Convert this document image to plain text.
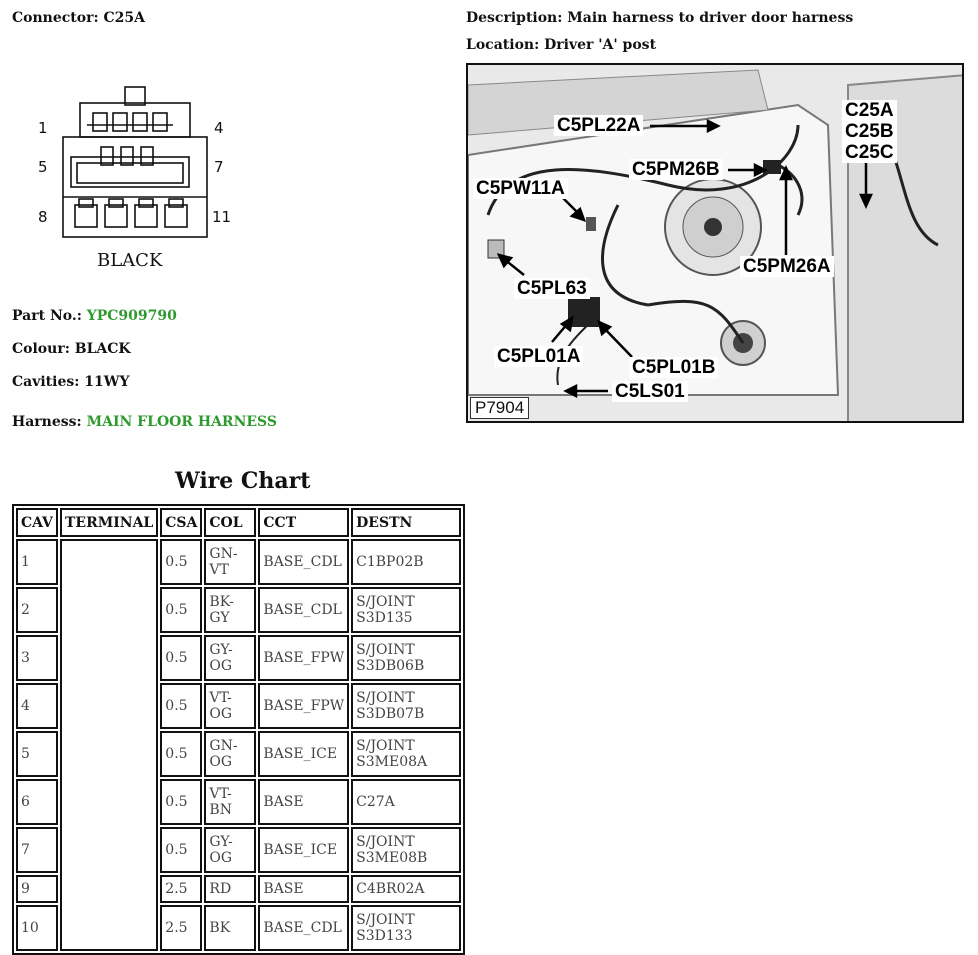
Connector: C25A	Description: Main harness to driver door harness
Location: Driver 'A' post
1	4
5	7
8	11
BLACK
Part No.: YPC909790
Colour: BLACK
Cavities: 11WY
Harness: MAIN FLOOR HARNESS
C5PL22A
C5PM26B
C5PW11A
C5PM26A
C5PL63
C5PL01A
C5PL01B
C5LS01
C25A
C25B
C25C
P7904
Wire Chart
CAV	TERMINAL	CSA	COL	CCT	DESTN
1		0.5	GN-
VT	BASE_CDL	C1BP02B
2		0.5	BK-
GY	BASE_CDL	S/JOINT
S3D135
3		0.5	GY-
OG	BASE_FPW	S/JOINT
S3DB06B
4		0.5	VT-
OG	BASE_FPW	S/JOINT
S3DB07B
5		0.5	GN-
OG	BASE_ICE	S/JOINT
S3ME08A
6		0.5	VT-
BN	BASE	C27A
7		0.5	GY-
OG	BASE_ICE	S/JOINT
S3ME08B
9		2.5	RD	BASE	C4BR02A
10		2.5	BK	BASE_CDL	S/JOINT
S3D133
